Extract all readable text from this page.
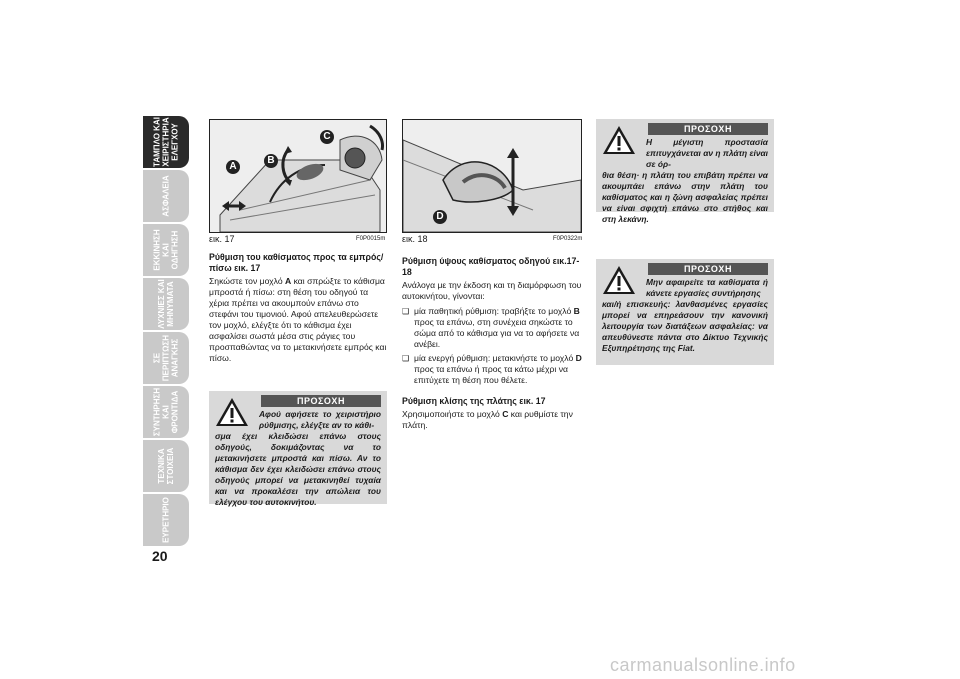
ΤΑΜΠΛΟ ΚΑΙ
ΧΕΙΡΙΣΤΗΡΙΑ
ΕΛΕΓΧΟΥ
ΑΣΦΑΛΕΙΑ
ΕΚΚΙΝΗΣΗ
ΚΑΙ ΟΔΗΓΗΣΗ
ΛΥΧΝΙΕΣ ΚΑΙ
ΜΗΝΥΜΑΤΑ
ΣΕ ΠΕΡΙΠΤΩΣΗ
ΑΝΑΓΚΗΣ
ΣΥΝΤΗΡΗΣΗ
ΚΑΙ ΦΡΟΝΤΙΔΑ
ΤΕΧΝΙΚΑ
ΣΤΟΙΧΕΙΑ
ΕΥΡΕΤΗΡΙΟ
20
A
B
C
εικ. 17	F0P0015m
D
εικ. 18	F0P0322m
Ρύθμιση του καθίσματος προς τα εμπρός/πίσω εικ. 17

Σηκώστε τον μοχλό A και σπρώξτε το κάθισμα μπροστά ή πίσω: στη θέση του οδηγού τα χέρια πρέπει να ακουμπούν επάνω στο στεφάνι του τιμονιού. Αφού απελευθερώσετε τον μοχλό, ελέγξτε ότι το κάθισμα έχει ασφαλίσει σωστά μέσα στις ράγιες του προσπαθώντας να το μετακινήσετε εμπρός και πίσω.

ΠΡΟΣΟΧΗ
Αφού αφήσετε το χειριστήριο ρύθμισης, ελέγξτε αν το κάθι-
σμα έχει κλειδώσει επάνω στους οδηγούς, δοκιμάζοντας να το μετακινήσετε μπροστά και πίσω. Αν το κάθισμα δεν έχει κλειδώσει επάνω στους οδηγούς μπορεί να μετακινηθεί τυχαία και να προκαλέσει την απώλεια του ελέγχου του αυτοκινήτου.
Ρύθμιση ύψους καθίσματος οδηγού εικ.17-18

Ανάλογα με την έκδοση και τη διαμόρφωση του αυτοκινήτου, γίνονται:

❑ μία παθητική ρύθμιση: τραβήξτε το μοχλό B προς τα επάνω, στη συνέχεια σηκώστε το σώμα από το κάθισμα για να το αφήσετε να ανέβει.
❑ μία ενεργή ρύθμιση: μετακινήστε το μοχλό D προς τα επάνω ή προς τα κάτω μέχρι να επιτύχετε τη θέση που θέλετε.
Ρύθμιση κλίσης της πλάτης εικ. 17

Χρησιμοποιήστε το μοχλό C και ρυθμίστε την πλάτη.

ΠΡΟΣΟΧΗ
Η μέγιστη προστασία επιτυγχάνεται αν η πλάτη είναι σε όρ-
θια θέση· η πλάτη του επιβάτη πρέπει να ακουμπάει επάνω στην πλάτη του καθίσματος και η ζώνη ασφαλείας πρέπει να είναι σφιχτή επάνω στο στήθος και στη λεκάνη.
ΠΡΟΣΟΧΗ
Μην αφαιρείτε τα καθίσματα ή κάνετε εργασίες συντήρησης
και/ή επισκευής: λανθασμένες εργασίες μπορεί να επηρεάσουν την κανονική λειτουργία των διατάξεων ασφαλείας: να απευθύνεστε πάντα στο Δίκτυο Τεχνικής Εξυπηρέτησης της Fiat.
carmanualsonline.info
